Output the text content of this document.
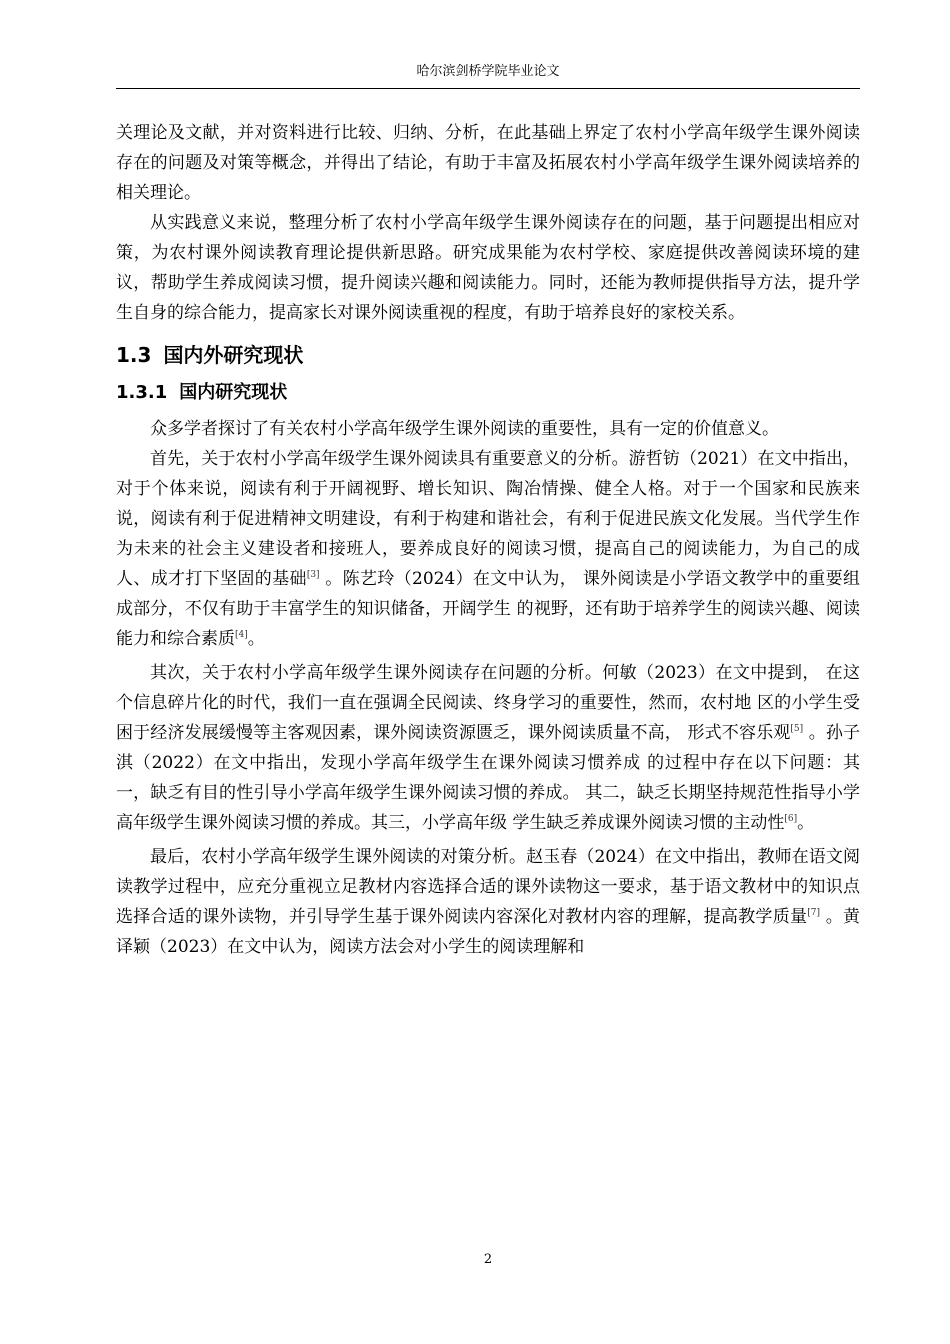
哈尔滨剑桥学院毕业论文

关理论及文献，并对资料进行比较、归纳、分析，在此基础上界定了农村小学高年级学生课外阅读存在的问题及对策等概念，并得出了结论，有助于丰富及拓展农村小学高年级学生课外阅读培养的相关理论。

从实践意义来说，整理分析了农村小学高年级学生课外阅读存在的问题，基于问题提出相应对策，为农村课外阅读教育理论提供新思路。研究成果能为农村学校、家庭提供改善阅读环境的建议，帮助学生养成阅读习惯，提升阅读兴趣和阅读能力。同时，还能为教师提供指导方法，提升学生自身的综合能力，提高家长对课外阅读重视的程度，有助于培养良好的家校关系。

1.3 国内外研究现状
1.3.1 国内研究现状

众多学者探讨了有关农村小学高年级学生课外阅读的重要性，具有一定的价值意义。

首先，关于农村小学高年级学生课外阅读具有重要意义的分析。游哲钫（2021）在文中指出，对于个体来说，阅读有利于开阔视野、增长知识、陶冶情操、健全人格。对于一个国家和民族来说，阅读有利于促进精神文明建设，有利于构建和谐社会，有利于促进民族文化发展。当代学生作为未来的社会主义建设者和接班人，要养成良好的阅读习惯，提高自己的阅读能力，为自己的成人、成才打下坚固的基础[3] 。陈艺玲（2024）在文中认为， 课外阅读是小学语文教学中的重要组成部分，不仅有助于丰富学生的知识储备，开阔学生 的视野，还有助于培养学生的阅读兴趣、阅读能力和综合素质[4]。

其次，关于农村小学高年级学生课外阅读存在问题的分析。何敏（2023）在文中提到， 在这个信息碎片化的时代，我们一直在强调全民阅读、终身学习的重要性，然而，农村地 区的小学生受困于经济发展缓慢等主客观因素，课外阅读资源匮乏，课外阅读质量不高， 形式不容乐观[5] 。孙子淇（2022）在文中指出，发现小学高年级学生在课外阅读习惯养成 的过程中存在以下问题：其一，缺乏有目的性引导小学高年级学生课外阅读习惯的养成。 其二，缺乏长期坚持规范性指导小学高年级学生课外阅读习惯的养成。其三，小学高年级 学生缺乏养成课外阅读习惯的主动性[6]。

最后，农村小学高年级学生课外阅读的对策分析。赵玉春（2024）在文中指出，教师在语文阅读教学过程中，应充分重视立足教材内容选择合适的课外读物这一要求，基于语文教材中的知识点选择合适的课外读物，并引导学生基于课外阅读内容深化对教材内容的理解，提高教学质量[7] 。黄译颖（2023）在文中认为，阅读方法会对小学生的阅读理解和

2
